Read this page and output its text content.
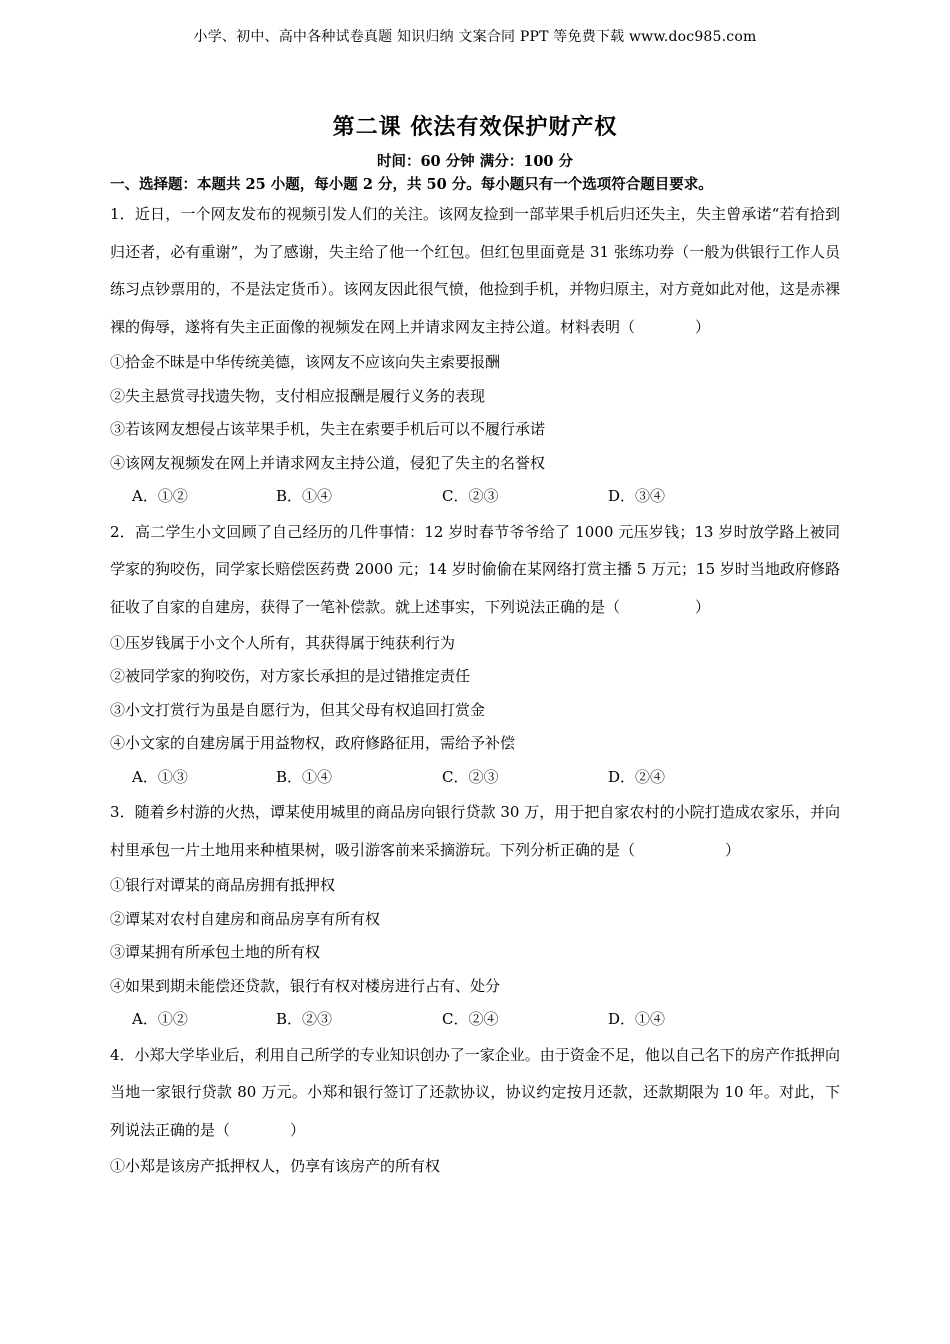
小学、初中、高中各种试卷真题 知识归纳 文案合同 PPT 等免费下载 www.doc985.com
第二课 依法有效保护财产权
时间：60 分钟 满分：100 分
一、选择题：本题共 25 小题，每小题 2 分，共 50 分。每小题只有一个选项符合题目要求。

1．近日，一个网友发布的视频引发人们的关注。该网友捡到一部苹果手机后归还失主，失主曾承诺“若有拾到归还者，必有重谢”，为了感谢，失主给了他一个红包。但红包里面竟是 31 张练功券（一般为供银行工作人员练习点钞票用的，不是法定货币）。该网友因此很气愤，他捡到手机，并物归原主，对方竟如此对他，这是赤裸裸的侮辱，遂将有失主正面像的视频发在网上并请求网友主持公道。材料表明（　　　　）

①拾金不昧是中华传统美德，该网友不应该向失主索要报酬
②失主悬赏寻找遗失物，支付相应报酬是履行义务的表现
③若该网友想侵占该苹果手机，失主在索要手机后可以不履行承诺
④该网友视频发在网上并请求网友主持公道，侵犯了失主的名誉权
A．①②	B．①④	C．②③	D．③④

2．高二学生小文回顾了自己经历的几件事情：12 岁时春节爷爷给了 1000 元压岁钱；13 岁时放学路上被同学家的狗咬伤，同学家长赔偿医药费 2000 元；14 岁时偷偷在某网络打赏主播 5 万元；15 岁时当地政府修路征收了自家的自建房，获得了一笔补偿款。就上述事实，下列说法正确的是（　　　　　）

①压岁钱属于小文个人所有，其获得属于纯获利行为
②被同学家的狗咬伤，对方家长承担的是过错推定责任
③小文打赏行为虽是自愿行为，但其父母有权追回打赏金
④小文家的自建房属于用益物权，政府修路征用，需给予补偿
A．①③	B．①④	C．②③	D．②④

3．随着乡村游的火热，谭某使用城里的商品房向银行贷款 30 万，用于把自家农村的小院打造成农家乐，并向村里承包一片土地用来种植果树，吸引游客前来采摘游玩。下列分析正确的是（　　　　　　）

①银行对谭某的商品房拥有抵押权
②谭某对农村自建房和商品房享有所有权
③谭某拥有所承包土地的所有权
④如果到期未能偿还贷款，银行有权对楼房进行占有、处分
A．①②	B．②③	C．②④	D．①④

4．小郑大学毕业后，利用自己所学的专业知识创办了一家企业。由于资金不足，他以自己名下的房产作抵押向当地一家银行贷款 80 万元。小郑和银行签订了还款协议，协议约定按月还款，还款期限为 10 年。对此，下列说法正确的是（　　　　）

①小郑是该房产抵押权人，仍享有该房产的所有权
